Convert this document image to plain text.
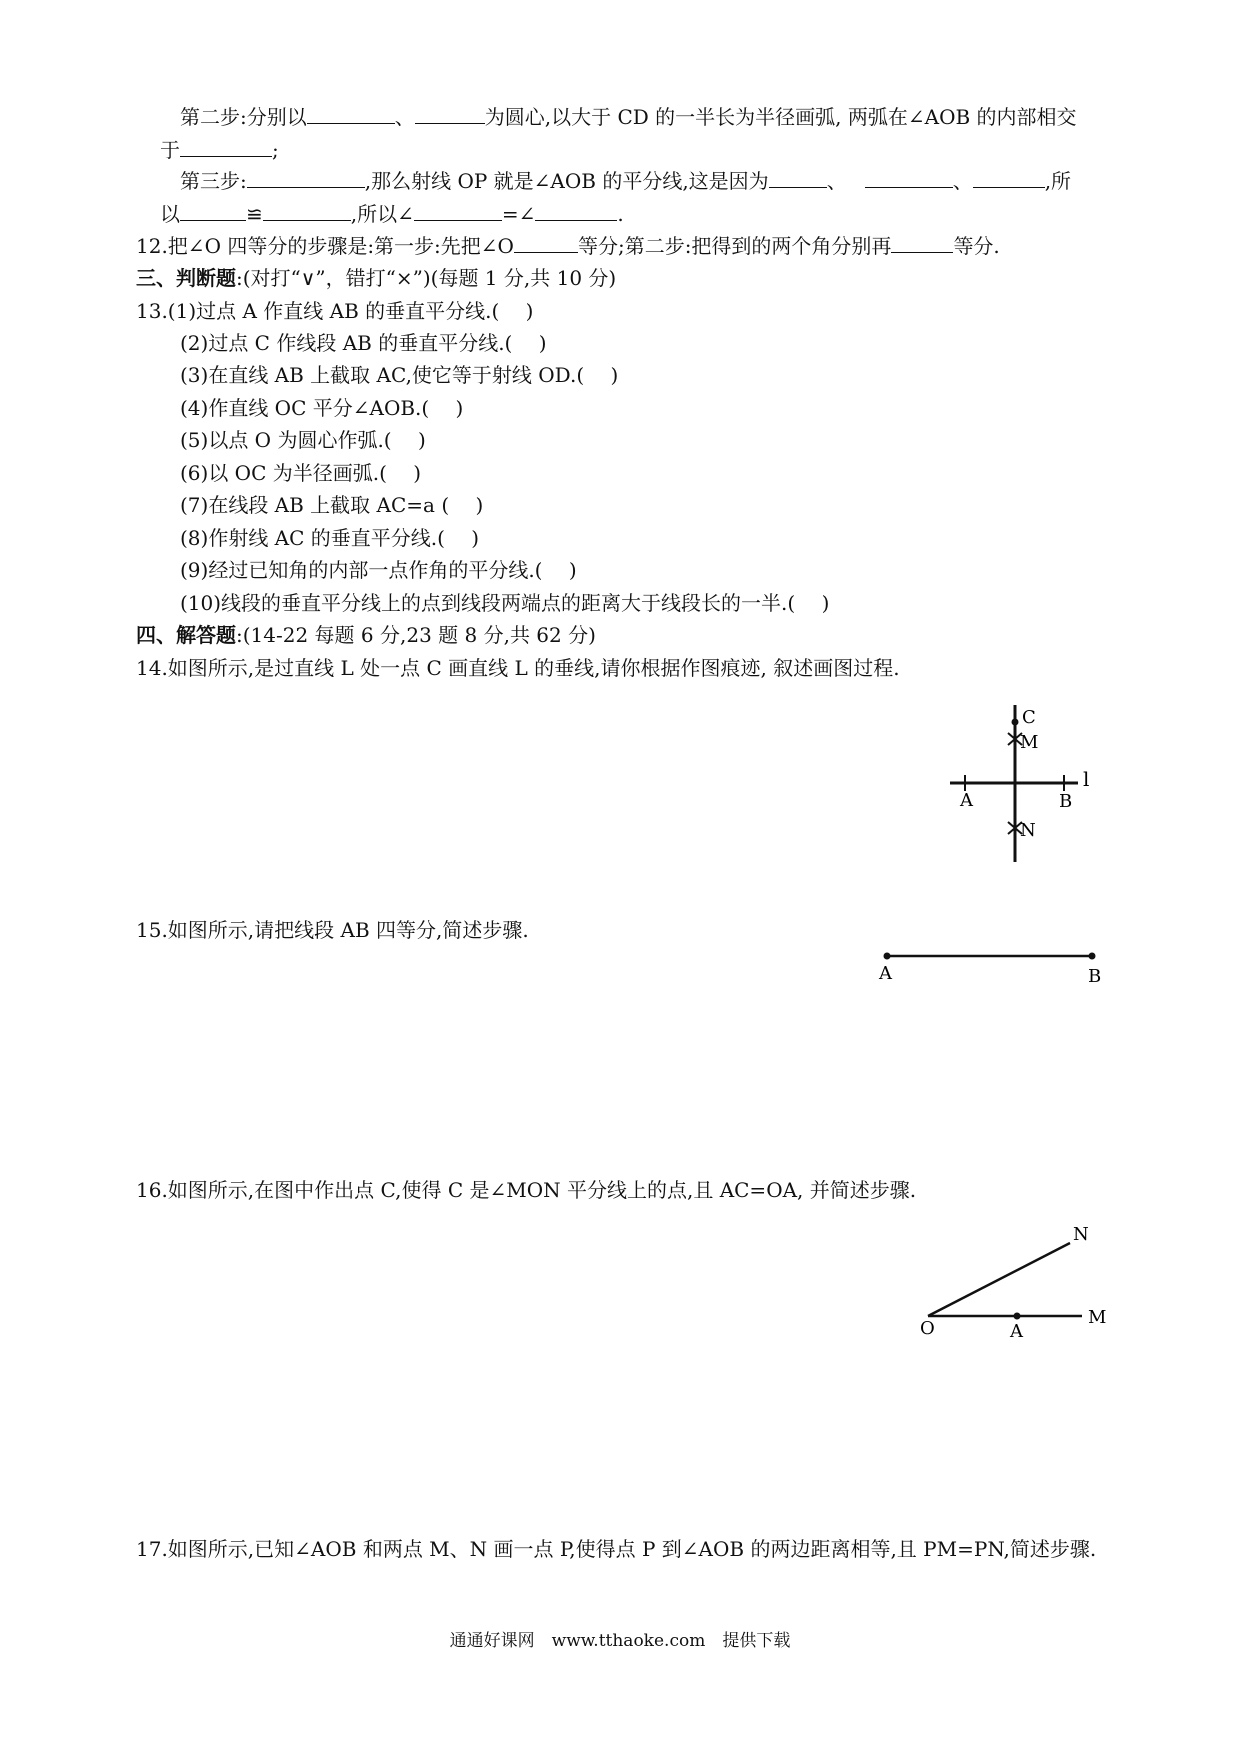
第二步:分别以	、	为圆心,以大于 CD 的一半长为半径画弧, 两弧在∠AOB 的内部相交
于	;
第三步:	,那么射线 OP 就是∠AOB 的平分线,这是因为	、	、	,所
以	≌	,所以∠	=∠	.
12.把∠O 四等分的步骤是:第一步:先把∠O	等分;第二步:把得到的两个角分别再	等分.
三、判断题:(对打“∨”，错打“×”)(每题 1 分,共 10 分)
13.(1)过点 A 作直线 AB 的垂直平分线.(　 )
(2)过点 C 作线段 AB 的垂直平分线.(　 )
(3)在直线 AB 上截取 AC,使它等于射线 OD.(　 )
(4)作直线 OC 平分∠AOB.(　 )
(5)以点 O 为圆心作弧.(　 )
(6)以 OC 为半径画弧.(　 )
(7)在线段 AB 上截取 AC=a (　 )
(8)作射线 AC 的垂直平分线.(　 )
(9)经过已知角的内部一点作角的平分线.(　 )
(10)线段的垂直平分线上的点到线段两端点的距离大于线段长的一半.(　 )
四、解答题:(14-22 每题 6 分,23 题 8 分,共 62 分)
14.如图所示,是过直线 L 处一点 C 画直线 L 的垂线,请你根据作图痕迹, 叙述画图过程.
C
M
A	B
l
N
15.如图所示,请把线段 AB 四等分,简述步骤.
A	B
16.如图所示,在图中作出点 C,使得 C 是∠MON 平分线上的点,且 AC=OA, 并简述步骤.
N
O	A
M
17.如图所示,已知∠AOB 和两点 M、N 画一点 P,使得点 P 到∠AOB 的两边距离相等,且 PM=PN,简述步骤.
通通好课网　www.tthaoke.com　提供下载
